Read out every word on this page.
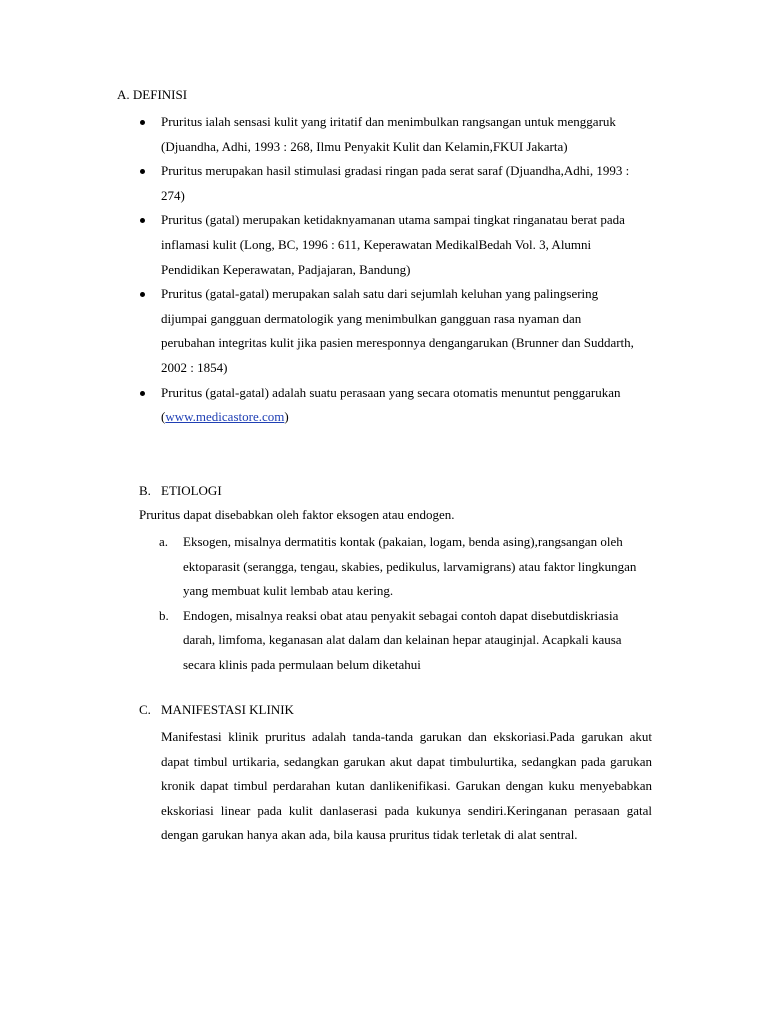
A. DEFINISI
Pruritus ialah sensasi kulit yang iritatif dan menimbulkan rangsangan untuk menggaruk (Djuandha, Adhi, 1993 : 268, Ilmu Penyakit Kulit dan Kelamin,FKUI Jakarta)
Pruritus merupakan hasil stimulasi gradasi ringan pada serat saraf (Djuandha,Adhi, 1993 : 274)
Pruritus (gatal) merupakan ketidaknyamanan utama sampai tingkat ringanatau berat pada inflamasi kulit (Long, BC, 1996 : 611, Keperawatan MedikalBedah Vol. 3, Alumni Pendidikan Keperawatan, Padjajaran, Bandung)
Pruritus (gatal-gatal) merupakan salah satu dari sejumlah keluhan yang palingsering dijumpai gangguan dermatologik yang menimbulkan gangguan rasa nyaman dan perubahan integritas kulit jika pasien meresponnya dengangarukan (Brunner dan Suddarth, 2002 : 1854)
Pruritus (gatal-gatal) adalah suatu perasaan yang secara otomatis menuntut penggarukan (www.medicastore.com)
B. ETIOLOGI
Pruritus dapat disebabkan oleh faktor eksogen atau endogen.
a. Eksogen, misalnya dermatitis kontak (pakaian, logam, benda asing),rangsangan oleh ektoparasit (serangga, tengau, skabies, pedikulus, larvamigrans) atau faktor lingkungan yang membuat kulit lembab atau kering.
b. Endogen, misalnya reaksi obat atau penyakit sebagai contoh dapat disebutdiskriasia darah, limfoma, keganasan alat dalam dan kelainan hepar atauginjal. Acapkali kausa secara klinis pada permulaan belum diketahui
C. MANIFESTASI KLINIK

Manifestasi klinik pruritus adalah tanda-tanda garukan dan ekskoriasi.Pada garukan akut dapat timbul urtikaria, sedangkan garukan akut dapat timbulurtika, sedangkan pada garukan kronik dapat timbul perdarahan kutan danlikenifikasi. Garukan dengan kuku menyebabkan ekskoriasi linear pada kulit danlaserasi pada kukunya sendiri.Keringanan perasaan gatal dengan garukan hanya akan ada, bila kausa pruritus tidak terletak di alat sentral.
